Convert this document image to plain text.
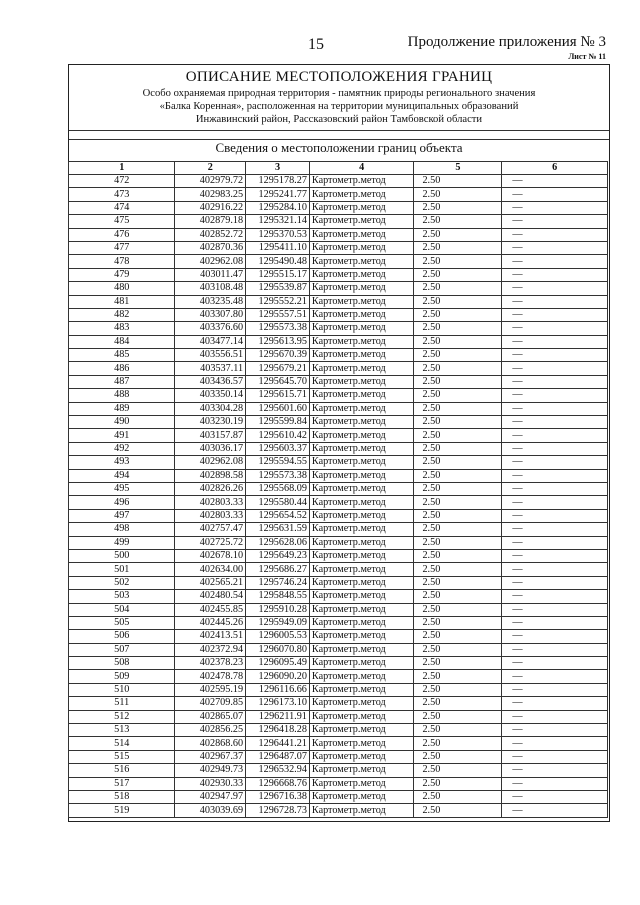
15	Продолжение приложения № 3
Лист № 11
ОПИСАНИЕ МЕСТОПОЛОЖЕНИЯ ГРАНИЦ
Особо охраняемая природная территория - памятник природы регионального значения
«Балка Коренная», расположенная на территории муниципальных образований
Инжавинский район, Рассказовский район Тамбовской области
Сведения о местоположении границ объекта
1	2	3	4	5	6
472	402979.72	1295178.27	Картометр.метод	2.50	—
473	402983.25	1295241.77	Картометр.метод	2.50	—
474	402916.22	1295284.10	Картометр.метод	2.50	—
475	402879.18	1295321.14	Картометр.метод	2.50	—
476	402852.72	1295370.53	Картометр.метод	2.50	—
477	402870.36	1295411.10	Картометр.метод	2.50	—
478	402962.08	1295490.48	Картометр.метод	2.50	—
479	403011.47	1295515.17	Картометр.метод	2.50	—
480	403108.48	1295539.87	Картометр.метод	2.50	—
481	403235.48	1295552.21	Картометр.метод	2.50	—
482	403307.80	1295557.51	Картометр.метод	2.50	—
483	403376.60	1295573.38	Картометр.метод	2.50	—
484	403477.14	1295613.95	Картометр.метод	2.50	—
485	403556.51	1295670.39	Картометр.метод	2.50	—
486	403537.11	1295679.21	Картометр.метод	2.50	—
487	403436.57	1295645.70	Картометр.метод	2.50	—
488	403350.14	1295615.71	Картометр.метод	2.50	—
489	403304.28	1295601.60	Картометр.метод	2.50	—
490	403230.19	1295599.84	Картометр.метод	2.50	—
491	403157.87	1295610.42	Картометр.метод	2.50	—
492	403036.17	1295603.37	Картометр.метод	2.50	—
493	402962.08	1295594.55	Картометр.метод	2.50	—
494	402898.58	1295573.38	Картометр.метод	2.50	—
495	402826.26	1295568.09	Картометр.метод	2.50	—
496	402803.33	1295580.44	Картометр.метод	2.50	—
497	402803.33	1295654.52	Картометр.метод	2.50	—
498	402757.47	1295631.59	Картометр.метод	2.50	—
499	402725.72	1295628.06	Картометр.метод	2.50	—
500	402678.10	1295649.23	Картометр.метод	2.50	—
501	402634.00	1295686.27	Картометр.метод	2.50	—
502	402565.21	1295746.24	Картометр.метод	2.50	—
503	402480.54	1295848.55	Картометр.метод	2.50	—
504	402455.85	1295910.28	Картометр.метод	2.50	—
505	402445.26	1295949.09	Картометр.метод	2.50	—
506	402413.51	1296005.53	Картометр.метод	2.50	—
507	402372.94	1296070.80	Картометр.метод	2.50	—
508	402378.23	1296095.49	Картометр.метод	2.50	—
509	402478.78	1296090.20	Картометр.метод	2.50	—
510	402595.19	1296116.66	Картометр.метод	2.50	—
511	402709.85	1296173.10	Картометр.метод	2.50	—
512	402865.07	1296211.91	Картометр.метод	2.50	—
513	402856.25	1296418.28	Картометр.метод	2.50	—
514	402868.60	1296441.21	Картометр.метод	2.50	—
515	402967.37	1296487.07	Картометр.метод	2.50	—
516	402949.73	1296532.94	Картометр.метод	2.50	—
517	402930.33	1296668.76	Картометр.метод	2.50	—
518	402947.97	1296716.38	Картометр.метод	2.50	—
519	403039.69	1296728.73	Картометр.метод	2.50	—
